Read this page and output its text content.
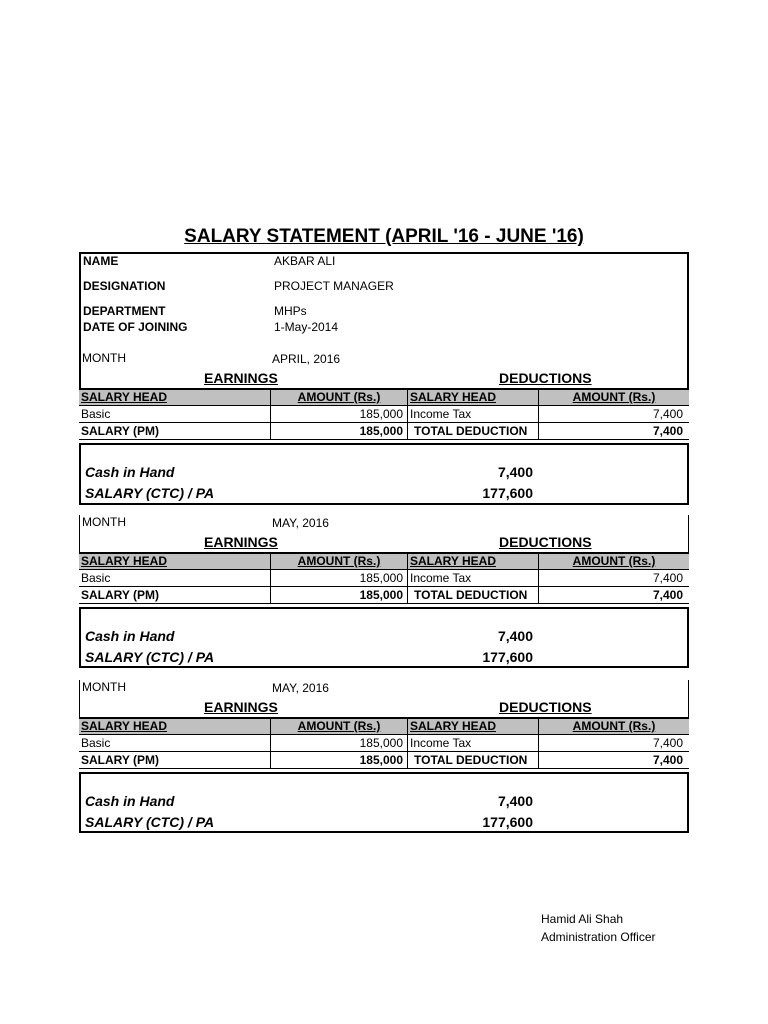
SALARY STATEMENT (APRIL '16 - JUNE '16)
NAME	AKBAR ALI
DESIGNATION	PROJECT MANAGER
DEPARTMENT	MHPs
DATE OF JOINING	1-May-2014
MONTH	APRIL, 2016
EARNINGS	DEDUCTIONS
SALARY HEAD	AMOUNT (Rs.)	SALARY HEAD	AMOUNT (Rs.)
Basic	185,000 Income Tax	7,400
SALARY (PM)	185,000 TOTAL DEDUCTION	7,400
Cash in Hand	7,400
SALARY (CTC) / PA	177,600
MONTH	MAY, 2016
EARNINGS	DEDUCTIONS
SALARY HEAD	AMOUNT (Rs.)	SALARY HEAD	AMOUNT (Rs.)
Basic	185,000 Income Tax	7,400
SALARY (PM)	185,000 TOTAL DEDUCTION	7,400
Cash in Hand	7,400
SALARY (CTC) / PA	177,600
MONTH	MAY, 2016
EARNINGS	DEDUCTIONS
SALARY HEAD	AMOUNT (Rs.)	SALARY HEAD	AMOUNT (Rs.)
Basic	185,000 Income Tax	7,400
SALARY (PM)	185,000 TOTAL DEDUCTION	7,400
Cash in Hand	7,400
SALARY (CTC) / PA	177,600
Hamid Ali Shah
Administration Officer
